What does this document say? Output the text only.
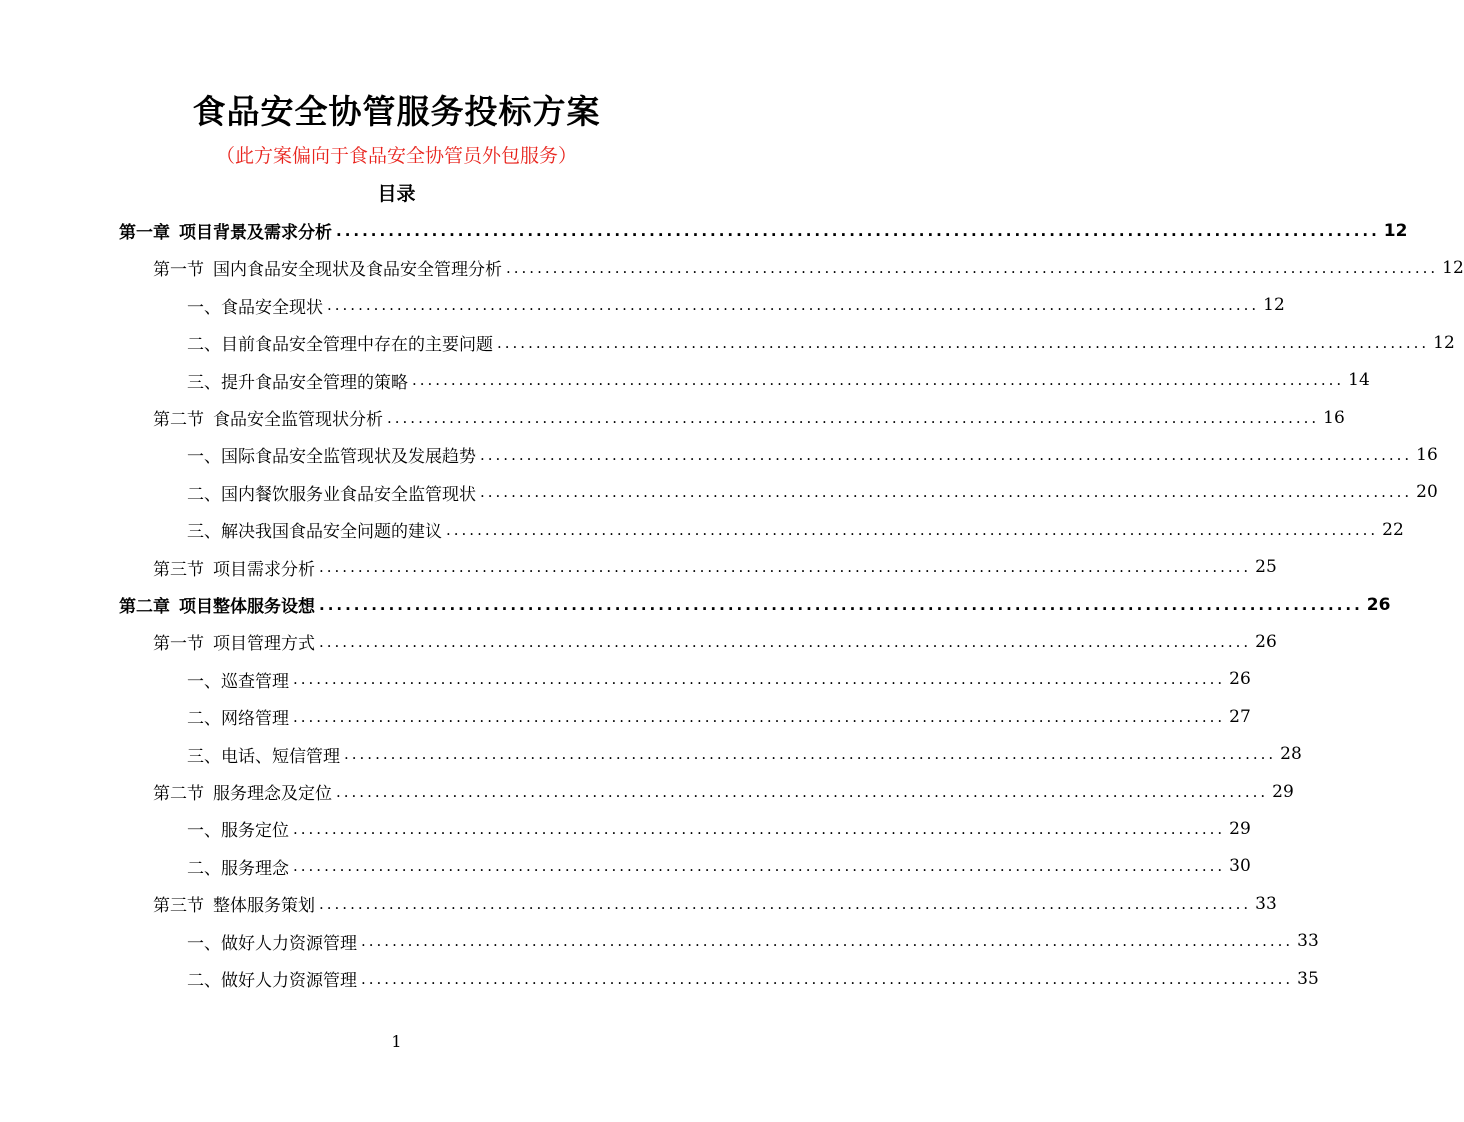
食品安全协管服务投标方案
（此方案偏向于食品安全协管员外包服务）
目录
第一章 项目背景及需求分析 ........................................................................................................................ 12
第一节 国内食品安全现状及食品安全管理分析 ........................................................................................................................ 12
一、食品安全现状 ........................................................................................................................ 12
二、目前食品安全管理中存在的主要问题 ........................................................................................................................ 12
三、提升食品安全管理的策略 ........................................................................................................................ 14
第二节 食品安全监管现状分析 ........................................................................................................................ 16
一、国际食品安全监管现状及发展趋势 ........................................................................................................................ 16
二、国内餐饮服务业食品安全监管现状 ........................................................................................................................ 20
三、解决我国食品安全问题的建议 ........................................................................................................................ 22
第三节 项目需求分析 ........................................................................................................................ 25
第二章 项目整体服务设想 ........................................................................................................................ 26
第一节 项目管理方式 ........................................................................................................................ 26
一、巡查管理 ........................................................................................................................ 26
二、网络管理 ........................................................................................................................ 27
三、电话、短信管理 ........................................................................................................................ 28
第二节 服务理念及定位 ........................................................................................................................ 29
一、服务定位 ........................................................................................................................ 29
二、服务理念 ........................................................................................................................ 30
第三节 整体服务策划 ........................................................................................................................ 33
一、做好人力资源管理 ........................................................................................................................ 33
二、做好人力资源管理 ........................................................................................................................ 35
1
